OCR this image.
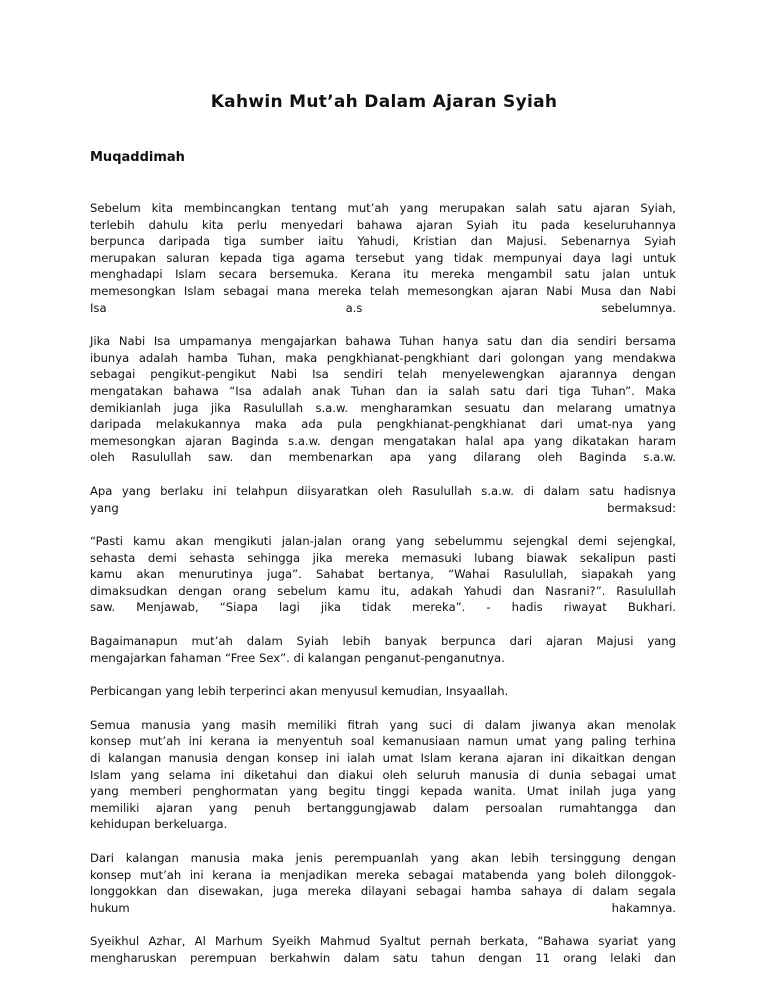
Kahwin Mut’ah Dalam Ajaran Syiah
Muqaddimah
Sebelum kita membincangkan tentang mut’ah yang merupakan salah satu ajaran Syiah,
terlebih dahulu kita perlu menyedari bahawa ajaran Syiah itu pada keseluruhannya
berpunca daripada tiga sumber iaitu Yahudi, Kristian dan Majusi. Sebenarnya Syiah
merupakan saluran kepada tiga agama tersebut yang tidak mempunyai daya lagi untuk
menghadapi Islam secara bersemuka. Kerana itu mereka mengambil satu jalan untuk
memesongkan Islam sebagai mana mereka telah memesongkan ajaran Nabi Musa dan Nabi
Isa a.s sebelumnya.
Jika Nabi Isa umpamanya mengajarkan bahawa Tuhan hanya satu dan dia sendiri bersama
ibunya adalah hamba Tuhan, maka pengkhianat-pengkhiant dari golongan yang mendakwa
sebagai pengikut-pengikut Nabi Isa sendiri telah menyelewengkan ajarannya dengan
mengatakan bahawa “Isa adalah anak Tuhan dan ia salah satu dari tiga Tuhan”. Maka
demikianlah juga jika Rasulullah s.a.w. mengharamkan sesuatu dan melarang umatnya
daripada melakukannya maka ada pula pengkhianat-pengkhianat dari umat-nya yang
memesongkan ajaran Baginda s.a.w. dengan mengatakan halal apa yang dikatakan haram
oleh Rasulullah saw. dan membenarkan apa yang dilarang oleh Baginda s.a.w.
Apa yang berlaku ini telahpun diisyaratkan oleh Rasulullah s.a.w. di dalam satu hadisnya
yang bermaksud:
“Pasti kamu akan mengikuti jalan-jalan orang yang sebelummu sejengkal demi sejengkal,
sehasta demi sehasta sehingga jika mereka memasuki lubang biawak sekalipun pasti
kamu akan menurutinya juga”. Sahabat bertanya, “Wahai Rasulullah, siapakah yang
dimaksudkan dengan orang sebelum kamu itu, adakah Yahudi dan Nasrani?”. Rasulullah
saw. Menjawab, “Siapa lagi jika tidak mereka”. - hadis riwayat Bukhari.
Bagaimanapun mut’ah dalam Syiah lebih banyak berpunca dari ajaran Majusi yang
mengajarkan fahaman “Free Sex”. di kalangan penganut-penganutnya.
Perbicangan yang lebih terperinci akan menyusul kemudian, Insyaallah.
Semua manusia yang masih memiliki fitrah yang suci di dalam jiwanya akan menolak
konsep mut’ah ini kerana ia menyentuh soal kemanusiaan namun umat yang paling terhina
di kalangan manusia dengan konsep ini ialah umat Islam kerana ajaran ini dikaitkan dengan
Islam yang selama ini diketahui dan diakui oleh seluruh manusia di dunia sebagai umat
yang memberi penghormatan yang begitu tinggi kepada wanita. Umat inilah juga yang
memiliki ajaran yang penuh bertanggungjawab dalam persoalan rumahtangga dan
kehidupan berkeluarga.
Dari kalangan manusia maka jenis perempuanlah yang akan lebih tersinggung dengan
konsep mut’ah ini kerana ia menjadikan mereka sebagai matabenda yang boleh dilonggok-
longgokkan dan disewakan, juga mereka dilayani sebagai hamba sahaya di dalam segala
hukum hakamnya.
Syeikhul Azhar, Al Marhum Syeikh Mahmud Syaltut pernah berkata, “Bahawa syariat yang
mengharuskan perempuan berkahwin dalam satu tahun dengan 11 orang lelaki dan
